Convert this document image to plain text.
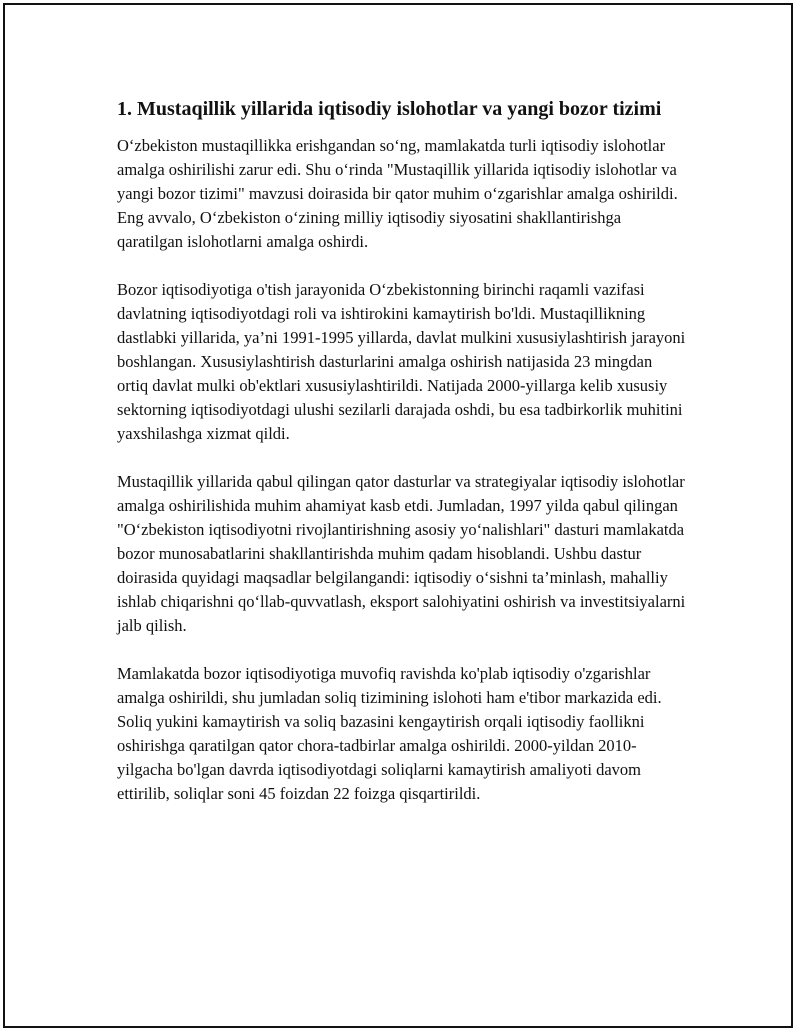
1. Mustaqillik yillarida iqtisodiy islohotlar va yangi bozor tizimi

O‘zbekiston mustaqillikka erishgandan so‘ng, mamlakatda turli iqtisodiy islohotlar amalga oshirilishi zarur edi. Shu o‘rinda "Mustaqillik yillarida iqtisodiy islohotlar va yangi bozor tizimi" mavzusi doirasida bir qator muhim o‘zgarishlar amalga oshirildi. Eng avvalo, O‘zbekiston o‘zining milliy iqtisodiy siyosatini shakllantirishga qaratilgan islohotlarni amalga oshirdi.

Bozor iqtisodiyotiga o'tish jarayonida O‘zbekistonning birinchi raqamli vazifasi davlatning iqtisodiyotdagi roli va ishtirokini kamaytirish bo'ldi. Mustaqillikning dastlabki yillarida, ya’ni 1991-1995 yillarda, davlat mulkini xususiylashtirish jarayoni boshlangan. Xususiylashtirish dasturlarini amalga oshirish natijasida 23 mingdan ortiq davlat mulki ob'ektlari xususiylashtirildi. Natijada 2000-yillarga kelib xususiy sektorning iqtisodiyotdagi ulushi sezilarli darajada oshdi, bu esa tadbirkorlik muhitini yaxshilashga xizmat qildi.

Mustaqillik yillarida qabul qilingan qator dasturlar va strategiyalar iqtisodiy islohotlar amalga oshirilishida muhim ahamiyat kasb etdi. Jumladan, 1997 yilda qabul qilingan "O‘zbekiston iqtisodiyotni rivojlantirishning asosiy yo‘nalishlari" dasturi mamlakatda bozor munosabatlarini shakllantirishda muhim qadam hisoblandi. Ushbu dastur doirasida quyidagi maqsadlar belgilangandi: iqtisodiy o‘sishni ta’minlash, mahalliy ishlab chiqarishni qo‘llab-quvvatlash, eksport salohiyatini oshirish va investitsiyalarni jalb qilish.

Mamlakatda bozor iqtisodiyotiga muvofiq ravishda ko'plab iqtisodiy o'zgarishlar amalga oshirildi, shu jumladan soliq tizimining islohoti ham e'tibor markazida edi. Soliq yukini kamaytirish va soliq bazasini kengaytirish orqali iqtisodiy faollikni oshirishga qaratilgan qator chora-tadbirlar amalga oshirildi. 2000-yildan 2010-yilgacha bo'lgan davrda iqtisodiyotdagi soliqlarni kamaytirish amaliyoti davom ettirilib, soliqlar soni 45 foizdan 22 foizga qisqartirildi.
